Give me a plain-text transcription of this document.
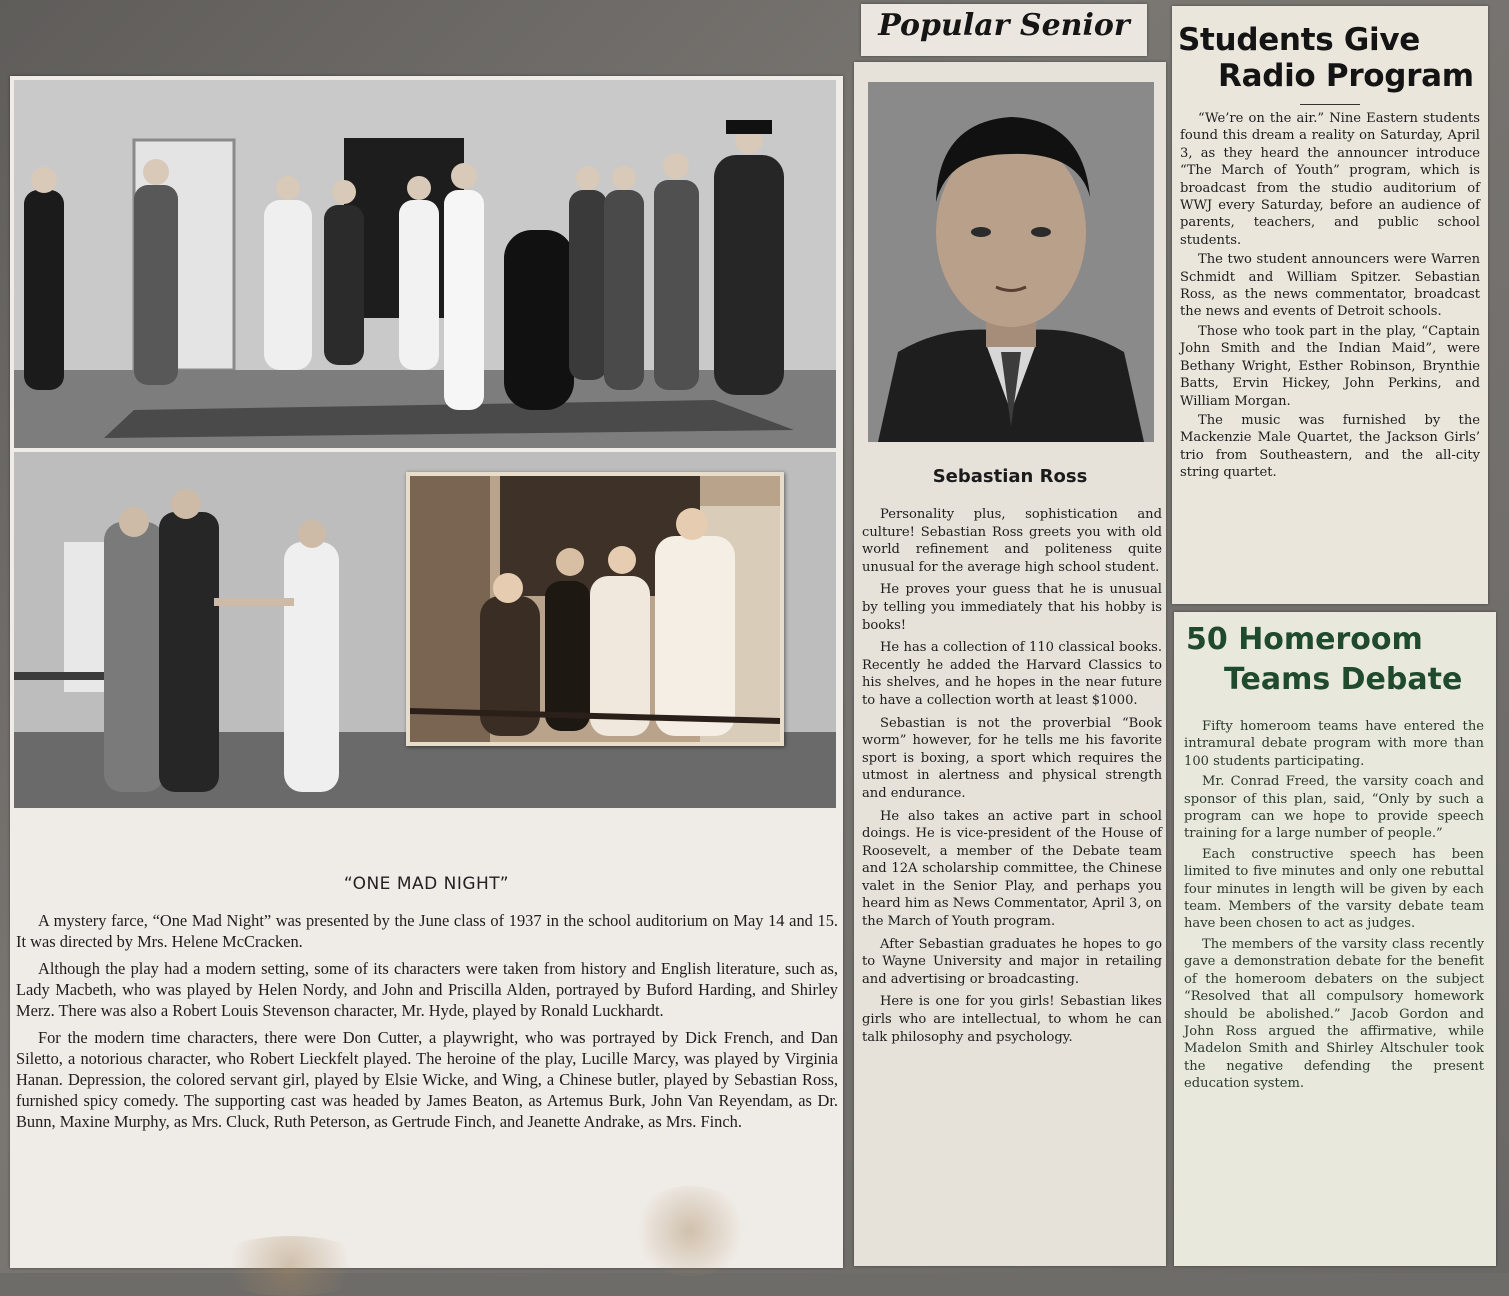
“ONE MAD NIGHT”

A mystery farce, “One Mad Night” was presented by the June class of 1937 in the school auditorium on May 14 and 15. It was directed by Mrs. Helene McCracken.

Although the play had a modern setting, some of its characters were taken from history and English literature, such as, Lady Macbeth, who was played by Helen Nordy, and John and Priscilla Alden, portrayed by Buford Harding, and Shirley Merz. There was also a Robert Louis Stevenson character, Mr. Hyde, played by Ronald Luckhardt.

For the modern time characters, there were Don Cutter, a playwright, who was portrayed by Dick French, and Dan Siletto, a notorious character, who Robert Lieckfelt played. The heroine of the play, Lucille Marcy, was played by Virginia Hanan. Depression, the colored servant girl, played by Elsie Wicke, and Wing, a Chinese butler, played by Sebastian Ross, furnished spicy comedy. The supporting cast was headed by James Beaton, as Artemus Burk, John Van Reyendam, as Dr. Bunn, Maxine Murphy, as Mrs. Cluck, Ruth Peterson, as Gertrude Finch, and Jeanette Andrake, as Mrs. Finch.

Popular Senior
Sebastian Ross

Personality plus, sophistication and culture! Sebastian Ross greets you with old world refinement and politeness quite unusual for the average high school student.

He proves your guess that he is unusual by telling you immediately that his hobby is books!

He has a collection of 110 classical books. Recently he added the Harvard Classics to his shelves, and he hopes in the near future to have a collection worth at least $1000.

Sebastian is not the proverbial “Book worm” however, for he tells me his favorite sport is boxing, a sport which requires the utmost in alertness and physical strength and endurance.

He also takes an active part in school doings. He is vice-president of the House of Roosevelt, a member of the Debate team and 12A scholarship committee, the Chinese valet in the Senior Play, and perhaps you heard him as News Commentator, April 3, on the March of Youth program.

After Sebastian graduates he hopes to go to Wayne University and major in retailing and advertising or broadcasting.

Here is one for you girls! Sebastian likes girls who are intellectual, to whom he can talk philosophy and psychology.

Students Give
Radio Program

“We’re on the air.” Nine Eastern students found this dream a reality on Saturday, April 3, as they heard the announcer introduce “The March of Youth” program, which is broadcast from the studio auditorium of WWJ every Saturday, before an audience of parents, teachers, and public school students.

The two student announcers were Warren Schmidt and William Spitzer. Sebastian Ross, as the news commentator, broadcast the news and events of Detroit schools.

Those who took part in the play, “Captain John Smith and the Indian Maid”, were Bethany Wright, Esther Robinson, Brynthie Batts, Ervin Hickey, John Perkins, and William Morgan.

The music was furnished by the Mackenzie Male Quartet, the Jackson Girls’ trio from Southeastern, and the all-city string quartet.

50 Homeroom
Teams Debate

Fifty homeroom teams have entered the intramural debate program with more than 100 students participating.

Mr. Conrad Freed, the varsity coach and sponsor of this plan, said, “Only by such a program can we hope to provide speech training for a large number of people.”

Each constructive speech has been limited to five minutes and only one rebuttal four minutes in length will be given by each team. Members of the varsity debate team have been chosen to act as judges.

The members of the varsity class recently gave a demonstration debate for the benefit of the homeroom debaters on the subject “Resolved that all compulsory homework should be abolished.” Jacob Gordon and John Ross argued the affirmative, while Madelon Smith and Shirley Altschuler took the negative defending the present education system.
